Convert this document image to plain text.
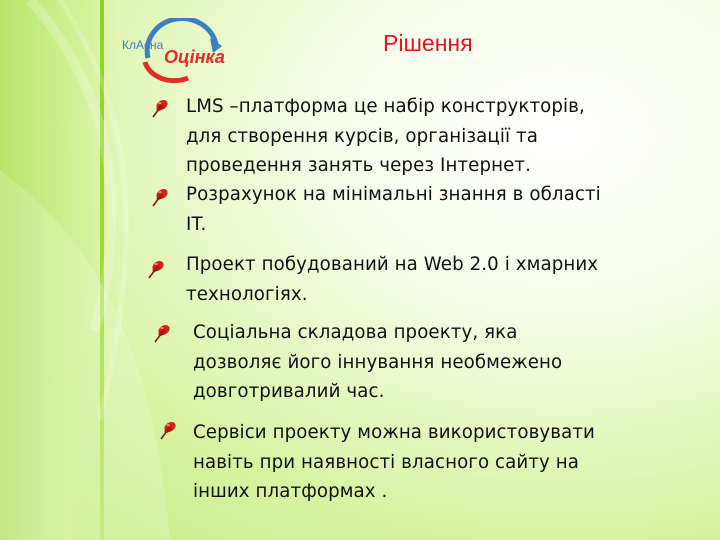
КлАсна
Оцінка
Рішення
LMS –платформа це набір конструкторів,
для створення курсів, організації та
проведення занять через Інтернет.
Розрахунок на мінімальні знання в області
IT.
Проект побудований на Web 2.0 і хмарних
технологіях.
Соціальна складова проекту, яка
дозволяє його іннування необмежено
довготривалий час.
Сервіси проекту можна використовувати
навіть при наявності власного сайту на
інших платформах .
